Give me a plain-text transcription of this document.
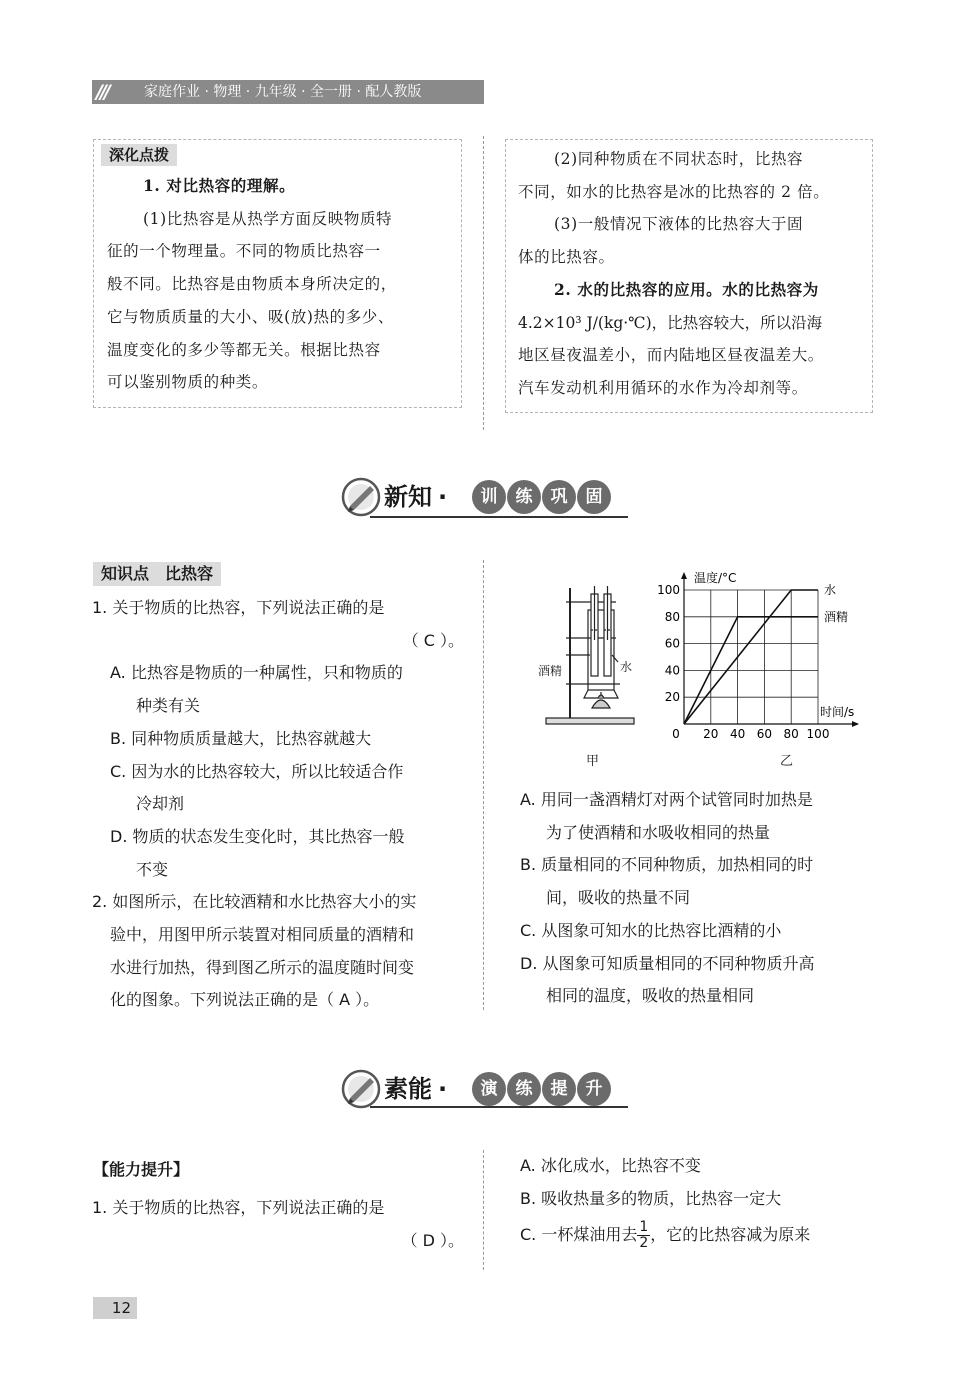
///	家庭作业 · 物理 · 九年级 · 全一册 · 配人教版
深化点拨
1. 对比热容的理解。
(1)比热容是从热学方面反映物质特
征的一个物理量。不同的物质比热容一
般不同。比热容是由物质本身所决定的，
它与物质质量的大小、吸(放)热的多少、
温度变化的多少等都无关。根据比热容
可以鉴别物质的种类。
(2)同种物质在不同状态时，比热容
不同，如水的比热容是冰的比热容的 2 倍。
(3)一般情况下液体的比热容大于固
体的比热容。
2. 水的比热容的应用。水的比热容为
4.2×10³ J/(kg·℃)，比热容较大，所以沿海
地区昼夜温差小，而内陆地区昼夜温差大。
汽车发动机利用循环的水作为冷却剂等。
新知 ·	训 练 巩 固
知识点　比热容
1. 关于物质的比热容，下列说法正确的是
（ C ）。
A. 比热容是物质的一种属性，只和物质的
种类有关
B. 同种物质质量越大，比热容就越大
C. 因为水的比热容较大，所以比较适合作
冷却剂
D. 物质的状态发生变化时，其比热容一般
不变
2. 如图所示，在比较酒精和水比热容大小的实
验中，用图甲所示装置对相同质量的酒精和
水进行加热，得到图乙所示的温度随时间变
化的图象。下列说法正确的是（ A ）。
酒精	水
甲
0 20 40 60 80 100
20
40
60
80
100
温度/°C
时间/s
水
酒精
乙
A. 用同一盏酒精灯对两个试管同时加热是
为了使酒精和水吸收相同的热量
B. 质量相同的不同种物质，加热相同的时
间，吸收的热量不同
C. 从图象可知水的比热容比酒精的小
D. 从图象可知质量相同的不同种物质升高
相同的温度，吸收的热量相同
素能 ·	演 练 提 升
【能力提升】
1. 关于物质的比热容，下列说法正确的是
（ D ）。
A. 冰化成水，比热容不变
B. 吸收热量多的物质，比热容一定大
C. 一杯煤油用去 $\frac{1}{2}$ ，它的比热容减为原来
12
